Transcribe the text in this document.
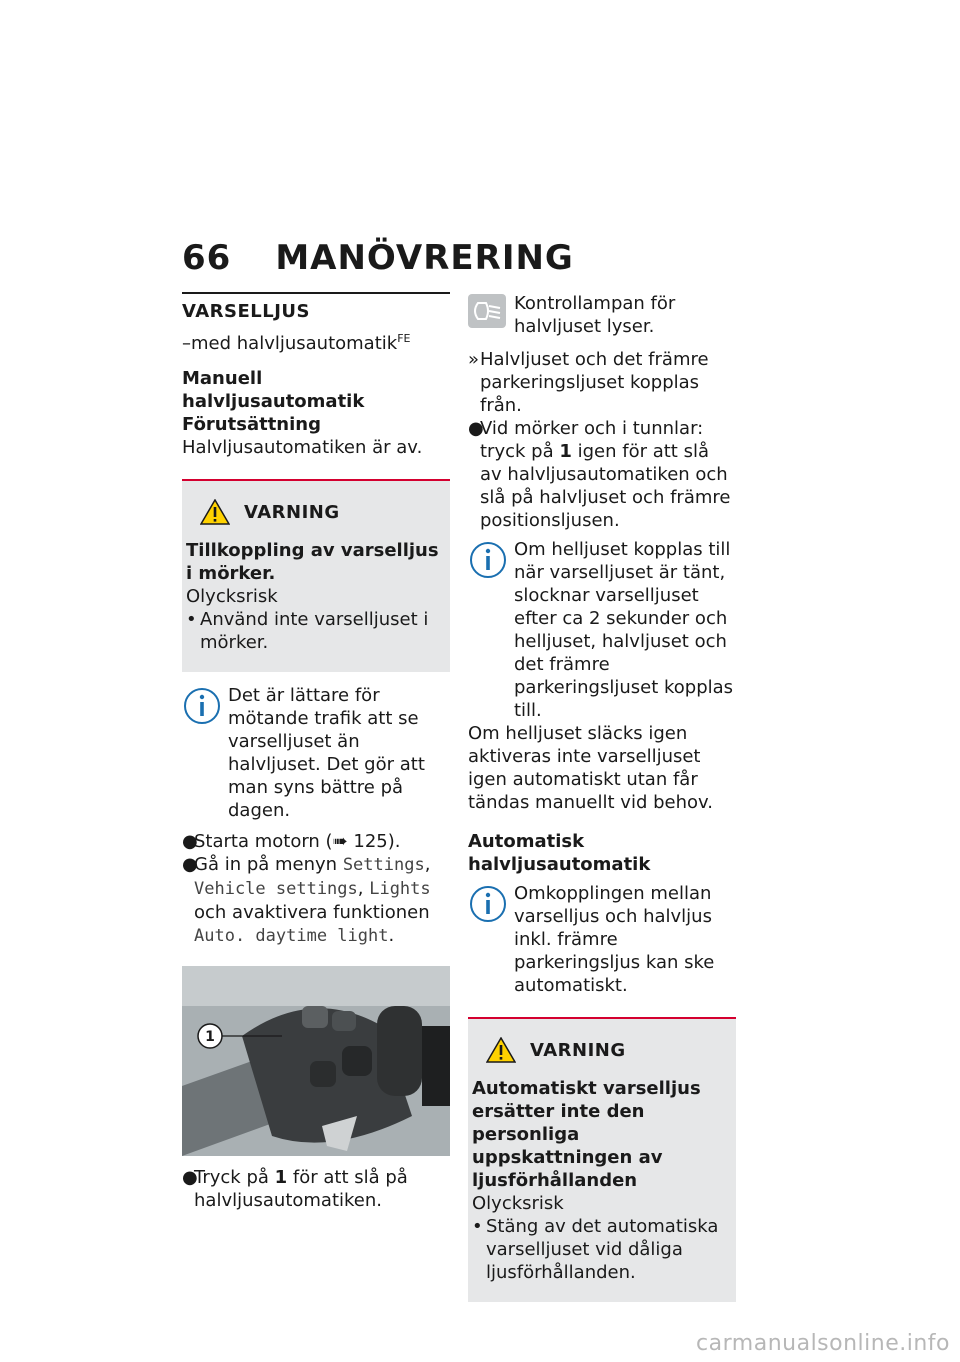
66 MANÖVRERING

VARSELLJUS

–med halvljusautomatik$^{FE}$

Manuell halvljusautomatik

Förutsättning

Halvljusautomatiken är av.

VARNING

Tillkoppling av varselljus i mörker.

Olycksrisk

• Använd inte varselljuset i mörker.
Det är lättare för mötande trafik att se varselljuset än halvljuset. Det gör att man syns bättre på dagen.
●
Starta motorn (➠ 125).
●
Gå in på menyn Settings, Vehicle settings, Lights och avaktivera funktionen Auto. daytime light.
1
●
Tryck på 1 för att slå på halvljusautomatiken.
Kontrollampan för halvljuset lyser.
» Halvljuset och det främre parkeringsljuset kopplas från.
●
Vid mörker och i tunnlar: tryck på 1 igen för att slå av halvljusautomatiken och slå på halvljuset och främre positionsljusen.
Om helljuset kopplas till när varselljuset är tänt, slocknar varselljuset efter ca 2 sekunder och helljuset, halvljuset och det främre parkeringsljuset kopplas till.

Om helljuset släcks igen aktiveras inte varselljuset igen automatiskt utan får tändas manuellt vid behov.

Automatisk halvljusautomatik

Omkopplingen mellan varselljus och halvljus inkl. främre parkeringsljus kan ske automatiskt.
VARNING

Automatiskt varselljus ersätter inte den personliga uppskattningen av ljusförhållanden

Olycksrisk

• Stäng av det automatiska varselljuset vid dåliga ljusförhållanden.
carmanualsonline.info
